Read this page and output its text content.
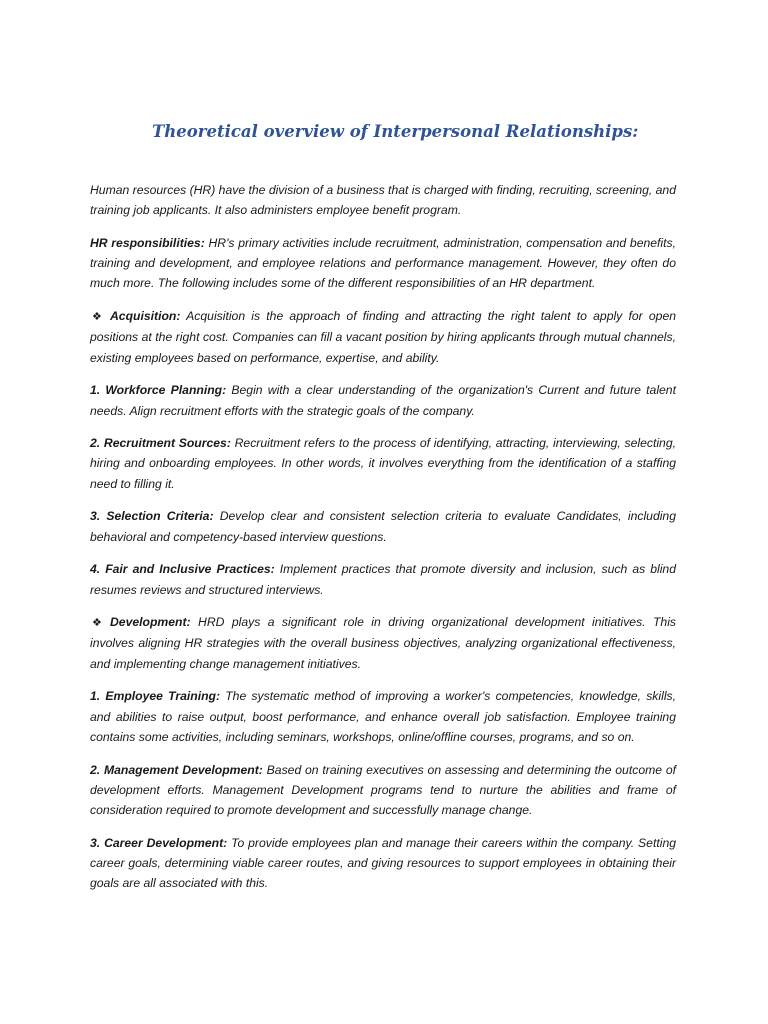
Theoretical overview of Interpersonal Relationships:

Human resources (HR) have the division of a business that is charged with finding, recruiting, screening, and training job applicants. It also administers employee benefit program.

HR responsibilities: HR's primary activities include recruitment, administration, compensation and benefits, training and development, and employee relations and performance management. However, they often do much more. The following includes some of the different responsibilities of an HR department.

❖ Acquisition: Acquisition is the approach of finding and attracting the right talent to apply for open positions at the right cost. Companies can fill a vacant position by hiring applicants through mutual channels, existing employees based on performance, expertise, and ability.

1. Workforce Planning: Begin with a clear understanding of the organization's Current and future talent needs. Align recruitment efforts with the strategic goals of the company.

2. Recruitment Sources: Recruitment refers to the process of identifying, attracting, interviewing, selecting, hiring and onboarding employees. In other words, it involves everything from the identification of a staffing need to filling it.

3. Selection Criteria: Develop clear and consistent selection criteria to evaluate Candidates, including behavioral and competency-based interview questions.

4. Fair and Inclusive Practices: Implement practices that promote diversity and inclusion, such as blind resumes reviews and structured interviews.

❖ Development: HRD plays a significant role in driving organizational development initiatives. This involves aligning HR strategies with the overall business objectives, analyzing organizational effectiveness, and implementing change management initiatives.

1. Employee Training: The systematic method of improving a worker's competencies, knowledge, skills, and abilities to raise output, boost performance, and enhance overall job satisfaction. Employee training contains some activities, including seminars, workshops, online/offline courses, programs, and so on.

2. Management Development: Based on training executives on assessing and determining the outcome of development efforts. Management Development programs tend to nurture the abilities and frame of consideration required to promote development and successfully manage change.

3. Career Development: To provide employees plan and manage their careers within the company. Setting career goals, determining viable career routes, and giving resources to support employees in obtaining their goals are all associated with this.
